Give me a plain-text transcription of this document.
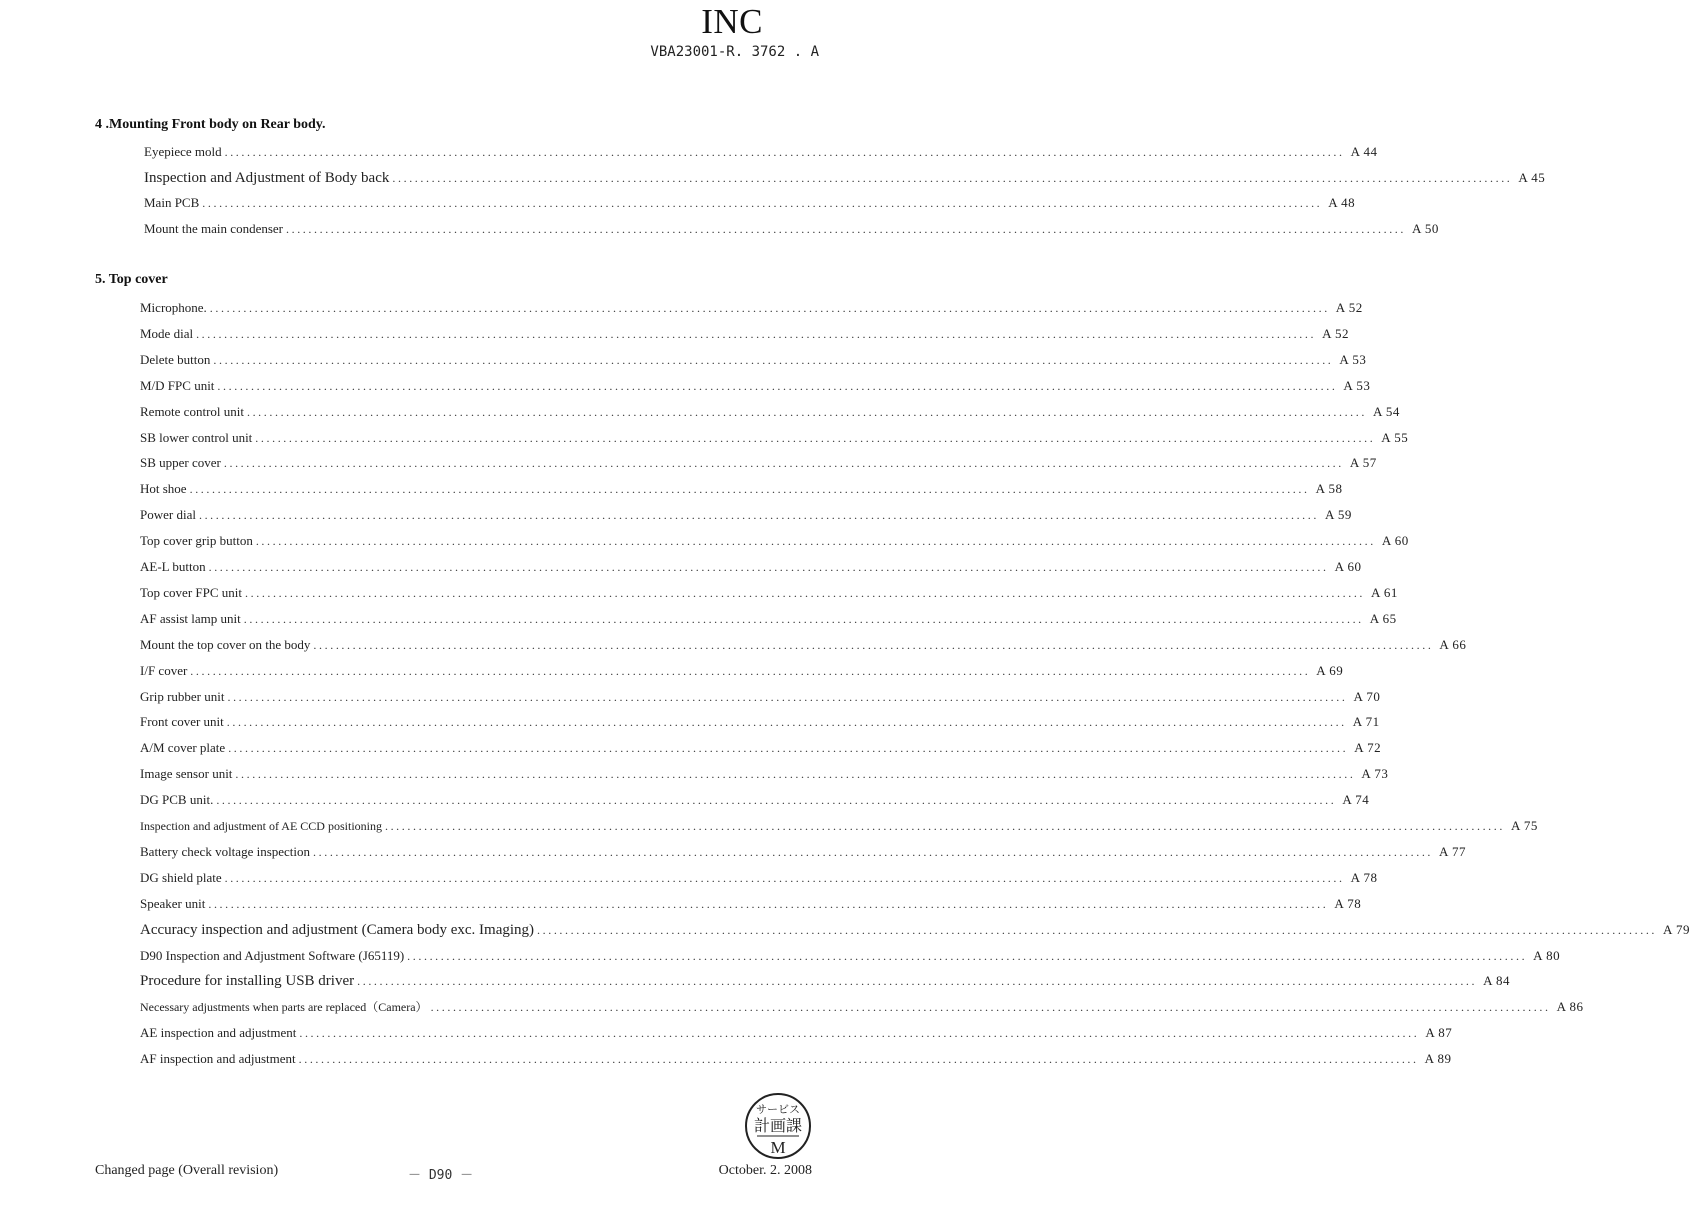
INC
VBA23001-R. 3762 . A
4 .Mounting Front body on Rear body.
Eyepiece mold ........................................................................................................................................................................................................ A 44
Inspection and Adjustment of Body back ........................................................................................................................................................................................................ A 45
Main PCB ........................................................................................................................................................................................................ A 48
Mount the main condenser ........................................................................................................................................................................................................ A 50
5. Top cover
Microphone. ........................................................................................................................................................................................................ A 52
Mode dial ........................................................................................................................................................................................................ A 52
Delete button ........................................................................................................................................................................................................ A 53
M/D FPC unit ........................................................................................................................................................................................................ A 53
Remote control unit ........................................................................................................................................................................................................ A 54
SB lower control unit ........................................................................................................................................................................................................ A 55
SB upper cover ........................................................................................................................................................................................................ A 57
Hot shoe ........................................................................................................................................................................................................ A 58
Power dial ........................................................................................................................................................................................................ A 59
Top cover grip button ........................................................................................................................................................................................................ A 60
AE-L button ........................................................................................................................................................................................................ A 60
Top cover FPC unit ........................................................................................................................................................................................................ A 61
AF assist lamp unit ........................................................................................................................................................................................................ A 65
Mount the top cover on the body ........................................................................................................................................................................................................ A 66
I/F cover ........................................................................................................................................................................................................ A 69
Grip rubber unit ........................................................................................................................................................................................................ A 70
Front cover unit ........................................................................................................................................................................................................ A 71
A/M cover plate ........................................................................................................................................................................................................ A 72
Image sensor unit ........................................................................................................................................................................................................ A 73
DG PCB unit. ........................................................................................................................................................................................................ A 74
Inspection and adjustment of AE CCD positioning ........................................................................................................................................................................................................ A 75
Battery check voltage inspection ........................................................................................................................................................................................................ A 77
DG shield plate ........................................................................................................................................................................................................ A 78
Speaker unit ........................................................................................................................................................................................................ A 78
Accuracy inspection and adjustment (Camera body exc. Imaging) ........................................................................................................................................................................................................ A 79
D90 Inspection and Adjustment Software (J65119) ........................................................................................................................................................................................................ A 80
Procedure for installing USB driver ........................................................................................................................................................................................................ A 84
Necessary adjustments when parts are replaced（Camera） ........................................................................................................................................................................................................ A 86
AE inspection and adjustment ........................................................................................................................................................................................................ A 87
AF inspection and adjustment ........................................................................................................................................................................................................ A 89
サービス
計画課
M
Changed page (Overall revision)	－ D90 －	October. 2. 2008
